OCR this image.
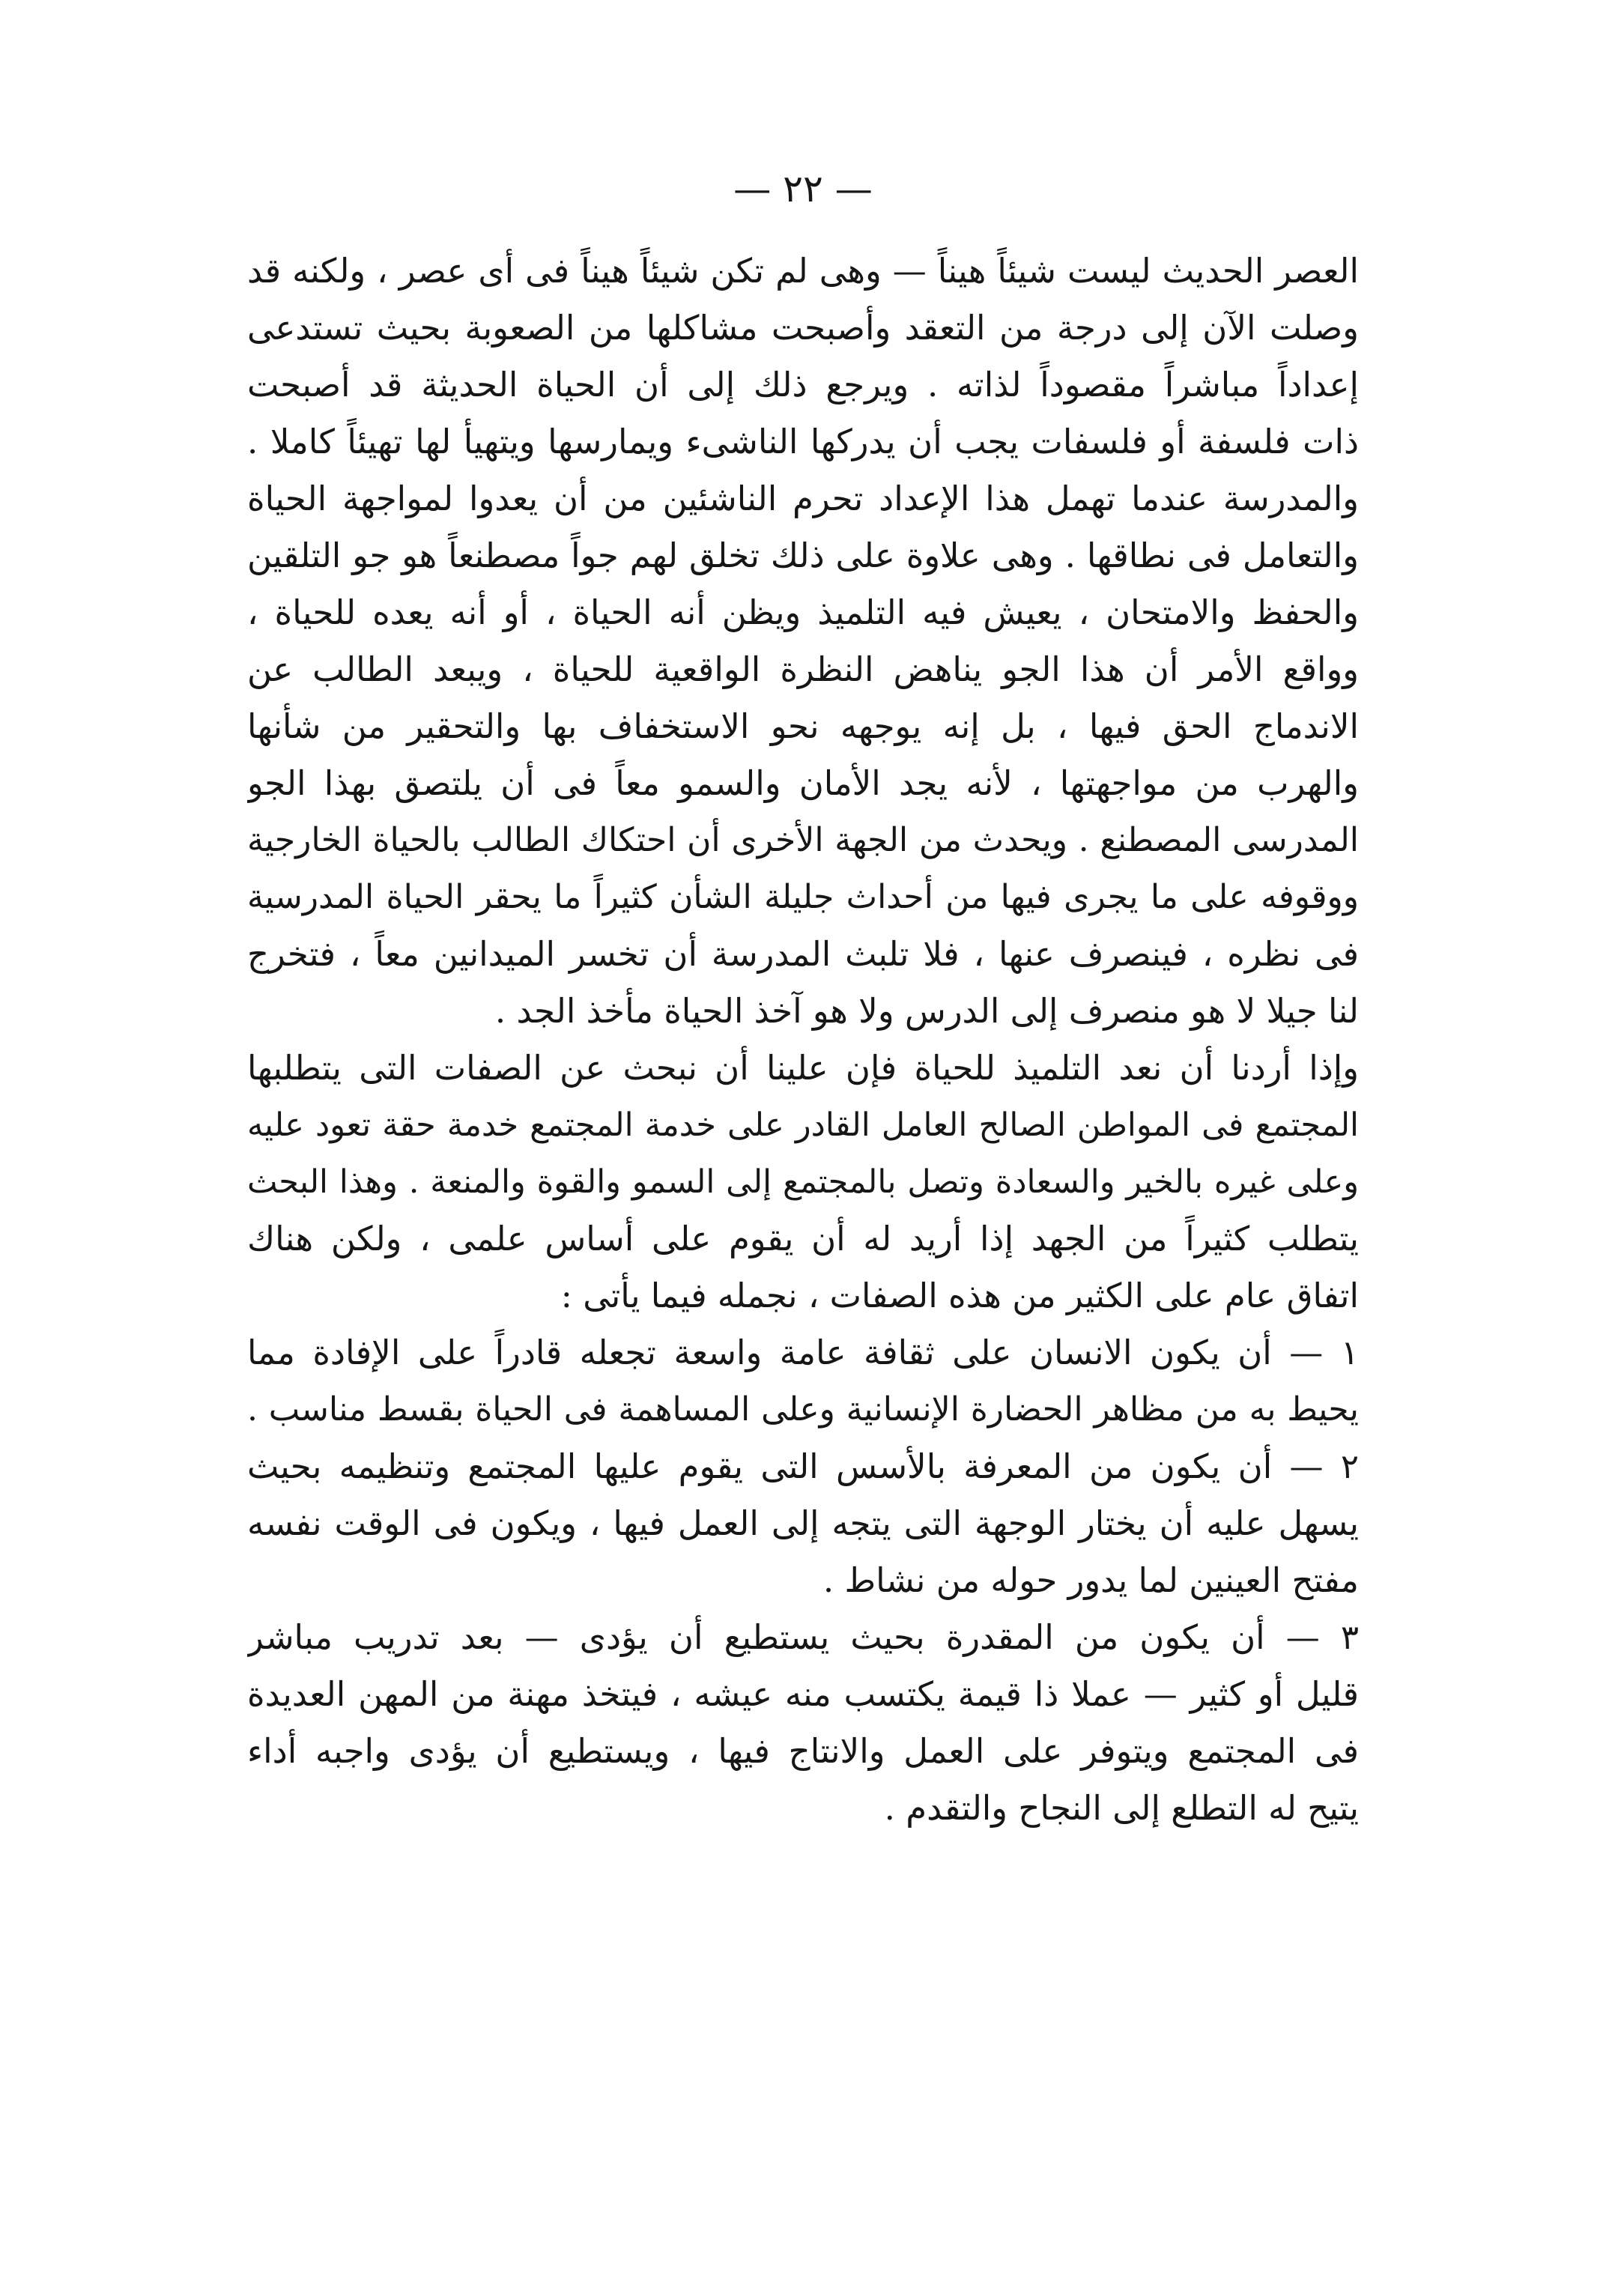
— ٢٢ —
العصر الحديث ليست شيئاً هيناً — وهى لم تكن شيئاً هيناً فى أى عصر ، ولكنه قد
وصلت الآن إلى درجة من التعقد وأصبحت مشاكلها من الصعوبة بحيث تستدعى
إعداداً مباشراً مقصوداً لذاته . ويرجع ذلك إلى أن الحياة الحديثة قد أصبحت
ذات فلسفة أو فلسفات يجب أن يدركها الناشىء ويمارسها ويتهيأ لها تهيئاً كاملا .
والمدرسة عندما تهمل هذا الإعداد تحرم الناشئين من أن يعدوا لمواجهة الحياة
والتعامل فى نطاقها . وهى علاوة على ذلك تخلق لهم جواً مصطنعاً هو جو التلقين
والحفظ والامتحان ، يعيش فيه التلميذ ويظن أنه الحياة ، أو أنه يعده للحياة ،
وواقع الأمر أن هذا الجو يناهض النظرة الواقعية للحياة ، ويبعد الطالب عن
الاندماج الحق فيها ، بل إنه يوجهه نحو الاستخفاف بها والتحقير من شأنها
والهرب من مواجهتها ، لأنه يجد الأمان والسمو معاً فى أن يلتصق بهذا الجو
المدرسى المصطنع . ويحدث من الجهة الأخرى أن احتكاك الطالب بالحياة الخارجية
ووقوفه على ما يجرى فيها من أحداث جليلة الشأن كثيراً ما يحقر الحياة المدرسية
فى نظره ، فينصرف عنها ، فلا تلبث المدرسة أن تخسر الميدانين معاً ، فتخرج
لنا جيلا لا هو منصرف إلى الدرس ولا هو آخذ الحياة مأخذ الجد .
وإذا أردنا أن نعد التلميذ للحياة فإن علينا أن نبحث عن الصفات التى يتطلبها
المجتمع فى المواطن الصالح العامل القادر على خدمة المجتمع خدمة حقة تعود عليه
وعلى غيره بالخير والسعادة وتصل بالمجتمع إلى السمو والقوة والمنعة . وهذا البحث
يتطلب كثيراً من الجهد إذا أريد له أن يقوم على أساس علمى ، ولكن هناك
اتفاق عام على الكثير من هذه الصفات ، نجمله فيما يأتى :
١ — أن يكون الانسان على ثقافة عامة واسعة تجعله قادراً على الإفادة مما
يحيط به من مظاهر الحضارة الإنسانية وعلى المساهمة فى الحياة بقسط مناسب .
٢ — أن يكون من المعرفة بالأسس التى يقوم عليها المجتمع وتنظيمه بحيث
يسهل عليه أن يختار الوجهة التى يتجه إلى العمل فيها ، ويكون فى الوقت نفسه
مفتح العينين لما يدور حوله من نشاط .
٣ — أن يكون من المقدرة بحيث يستطيع أن يؤدى — بعد تدريب مباشر
قليل أو كثير — عملا ذا قيمة يكتسب منه عيشه ، فيتخذ مهنة من المهن العديدة
فى المجتمع ويتوفر على العمل والانتاج فيها ، ويستطيع أن يؤدى واجبه أداء
يتيح له التطلع إلى النجاح والتقدم .
